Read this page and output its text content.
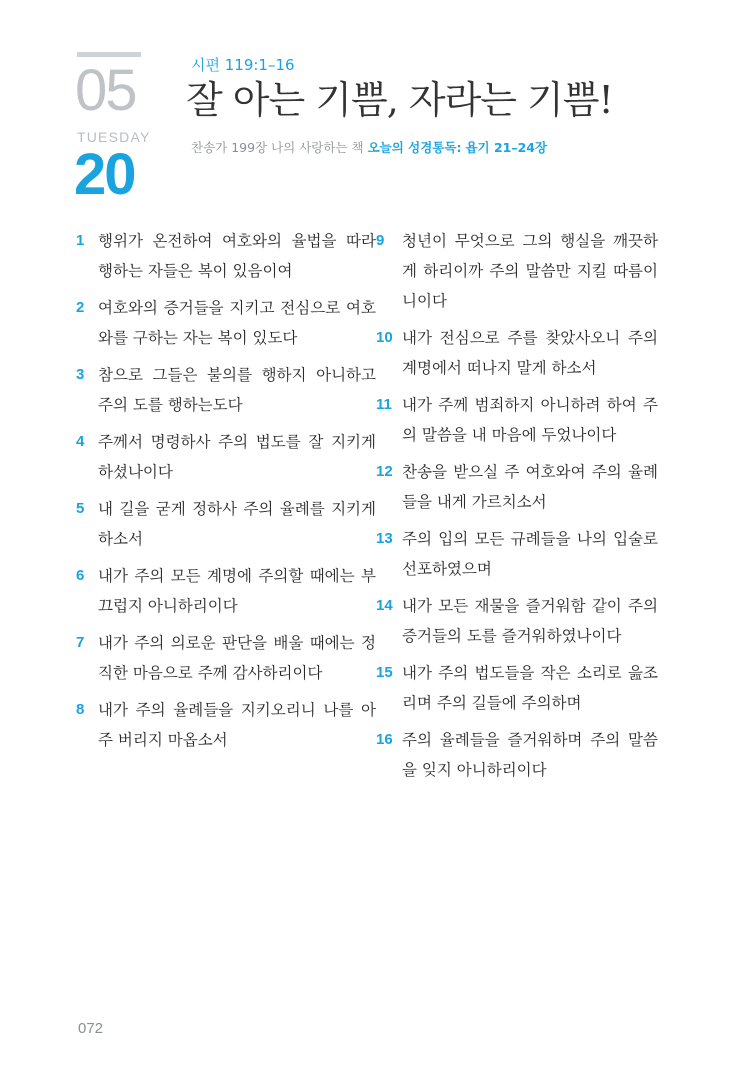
05
TUESDAY
20
시편 119:1–16
잘 아는 기쁨, 자라는 기쁨!
찬송가 199장 나의 사랑하는 책 오늘의 성경통독: 욥기 21–24장
1 행위가 온전하여 여호와의 율법을 따라 행하는 자들은 복이 있음이여
2 여호와의 증거들을 지키고 전심으로 여호와를 구하는 자는 복이 있도다
3 참으로 그들은 불의를 행하지 아니하고 주의 도를 행하는도다
4 주께서 명령하사 주의 법도를 잘 지키게 하셨나이다
5 내 길을 굳게 정하사 주의 율례를 지키게 하소서
6 내가 주의 모든 계명에 주의할 때에는 부끄럽지 아니하리이다
7 내가 주의 의로운 판단을 배울 때에는 정직한 마음으로 주께 감사하리이다
8 내가 주의 율례들을 지키오리니 나를 아주 버리지 마옵소서
9 청년이 무엇으로 그의 행실을 깨끗하게 하리이까 주의 말씀만 지킬 따름이니이다
10 내가 전심으로 주를 찾았사오니 주의 계명에서 떠나지 말게 하소서
11 내가 주께 범죄하지 아니하려 하여 주의 말씀을 내 마음에 두었나이다
12 찬송을 받으실 주 여호와여 주의 율례들을 내게 가르치소서
13 주의 입의 모든 규례들을 나의 입술로 선포하였으며
14 내가 모든 재물을 즐거워함 같이 주의 증거들의 도를 즐거워하였나이다
15 내가 주의 법도들을 작은 소리로 읊조리며 주의 길들에 주의하며
16 주의 율례들을 즐거워하며 주의 말씀을 잊지 아니하리이다
072
